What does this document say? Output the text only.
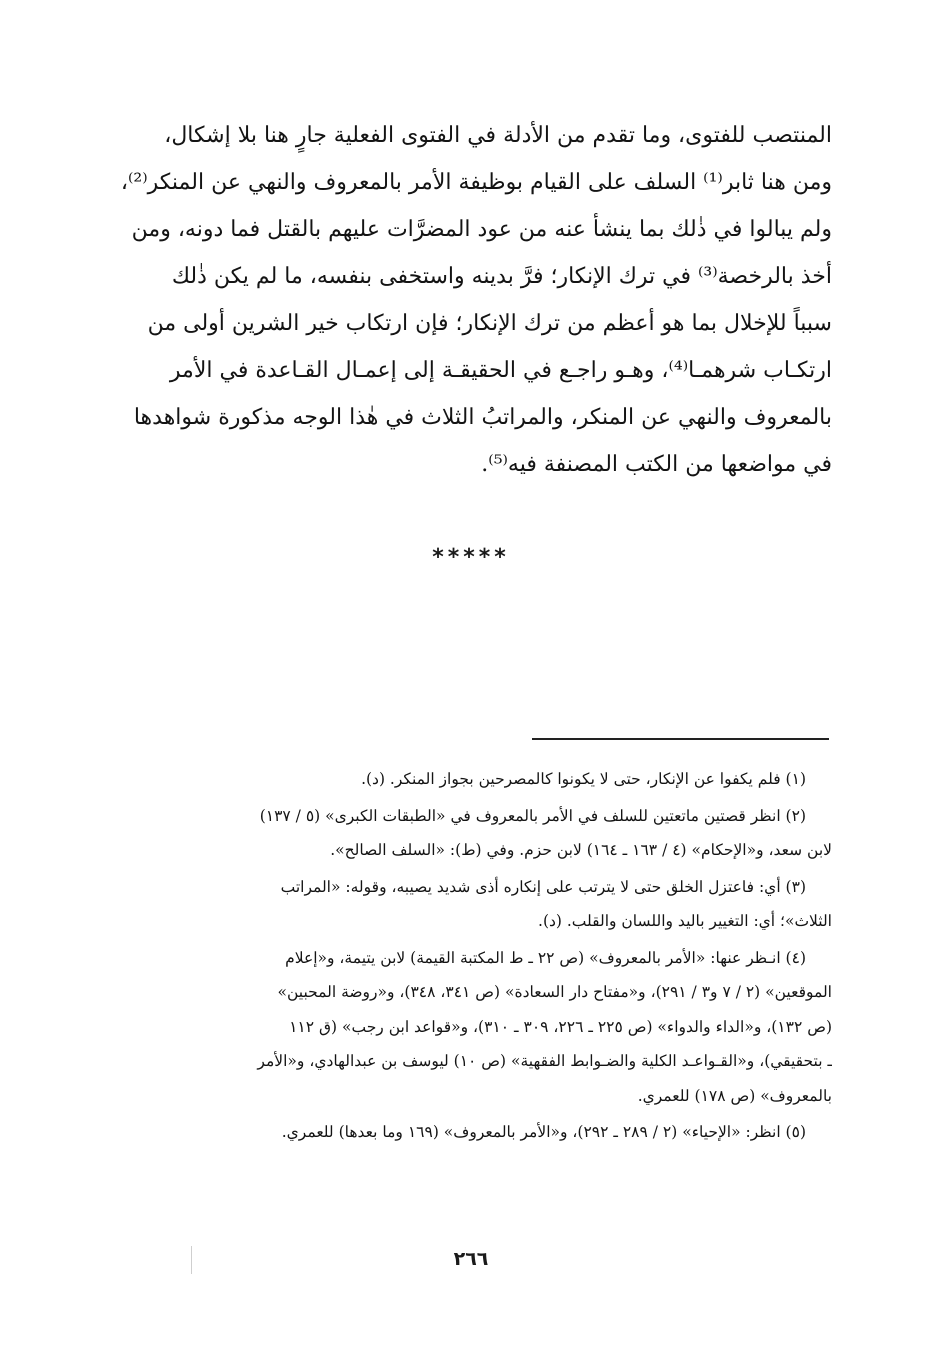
المنتصب للفتوى، وما تقدم من الأدلة في الفتوى الفعلية جارٍ هنا بلا إشكال،
ومن هنا ثابر⁽¹⁾ السلف على القيام بوظيفة الأمر بالمعروف والنهي عن المنكر⁽²⁾،
ولم يبالوا في ذٰلك بما ينشأ عنه من عود المضرَّات عليهم بالقتل فما دونه، ومن
أخذ بالرخصة⁽³⁾ في ترك الإنكار؛ فرَّ بدينه واستخفى بنفسه، ما لم يكن ذٰلك
سبباً للإخلال بما هو أعظم من ترك الإنكار؛ فإن ارتكاب خير الشرين أولى من
ارتكـاب شرهمـا⁽⁴⁾، وهـو راجـع في الحقيقـة إلى إعمـال القـاعدة في الأمر
بالمعروف والنهي عن المنكر، والمراتبُ الثلاث في هٰذا الوجه مذكورة شواهدها
في مواضعها من الكتب المصنفة فيه⁽⁵⁾.
*****
(١) فلم يكفوا عن الإنكار، حتى لا يكونوا كالمصرحين بجواز المنكر. (د).
(٢) انظر قصتين ماتعتين للسلف في الأمر بالمعروف في «الطبقات الكبرى» (٥ / ١٣٧)
لابن سعد، و«الإحكام» (٤ / ١٦٣ ـ ١٦٤) لابن حزم. وفي (ط): «السلف الصالح».
(٣) أي: فاعتزل الخلق حتى لا يترتب على إنكاره أذى شديد يصيبه، وقوله: «المراتب
الثلاث»؛ أي: التغيير باليد واللسان والقلب. (د).
(٤) انـظر عنها: «الأمر بالمعروف» (ص ٢٢ ـ ط المكتبة القيمة) لابن يتيمة، و«إعلام
الموقعين» (٢ / ٧ و٣ / ٢٩١)، و«مفتاح دار السعادة» (ص ٣٤١، ٣٤٨)، و«روضة المحبين»
(ص ١٣٢)، و«الداء والدواء» (ص ٢٢٥ ـ ٢٢٦، ٣٠٩ ـ ٣١٠)، و«قواعد ابن رجب» (ق ١١٢
ـ بتحقيقي)، و«القـواعـد الكلية والضـوابط الفقهية» (ص ١٠) ليوسف بن عبدالهادي، و«الأمر
بالمعروف» (ص ١٧٨) للعمري.
(٥) انظر: «الإحياء» (٢ / ٢٨٩ ـ ٢٩٢)، و«الأمر بالمعروف» (١٦٩ وما بعدها) للعمري.
٢٦٦
